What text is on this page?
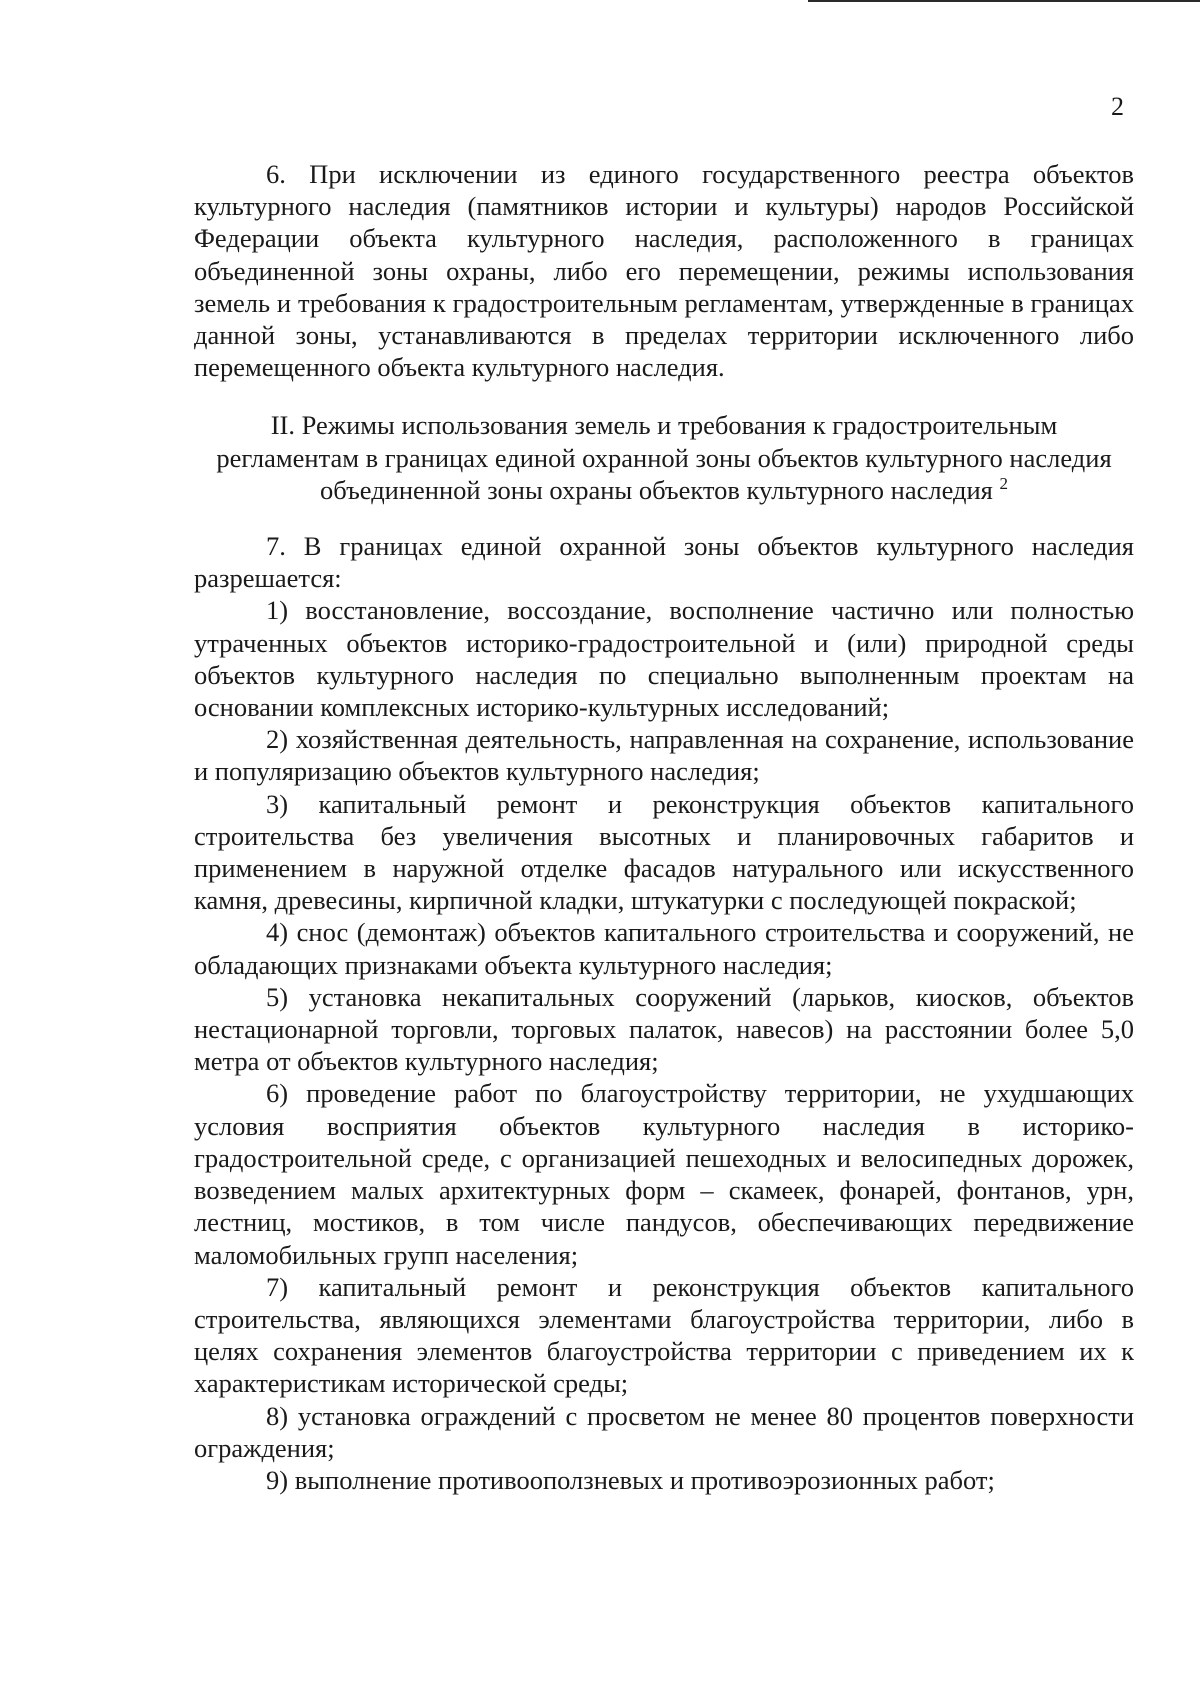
2

6. При исключении из единого государственного реестра объектов культурного наследия (памятников истории и культуры) народов Российской Федерации объекта культурного наследия, расположенного в границах объединенной зоны охраны, либо его перемещении, режимы использования земель и требования к градостроительным регламентам, утвержденные в границах данной зоны, устанавливаются в пределах территории исключенного либо перемещенного объекта культурного наследия.

II. Режимы использования земель и требования к градостроительным регламентам в границах единой охранной зоны объектов культурного наследия объединенной зоны охраны объектов культурного наследия $^2$

7. В границах единой охранной зоны объектов культурного наследия разрешается:

1) восстановление, воссоздание, восполнение частично или полностью утраченных объектов историко-градостроительной и (или) природной среды объектов культурного наследия по специально выполненным проектам на основании комплексных историко-культурных исследований;

2) хозяйственная деятельность, направленная на сохранение, использование и популяризацию объектов культурного наследия;

3) капитальный ремонт и реконструкция объектов капитального строительства без увеличения высотных и планировочных габаритов и применением в наружной отделке фасадов натурального или искусственного камня, древесины, кирпичной кладки, штукатурки с последующей покраской;

4) снос (демонтаж) объектов капитального строительства и сооружений, не обладающих признаками объекта культурного наследия;

5) установка некапитальных сооружений (ларьков, киосков, объектов нестационарной торговли, торговых палаток, навесов) на расстоянии более 5,0 метра от объектов культурного наследия;

6) проведение работ по благоустройству территории, не ухудшающих условия восприятия объектов культурного наследия в историко-градостроительной среде, с организацией пешеходных и велосипедных дорожек, возведением малых архитектурных форм – скамеек, фонарей, фонтанов, урн, лестниц, мостиков, в том числе пандусов, обеспечивающих передвижение маломобильных групп населения;

7) капитальный ремонт и реконструкция объектов капитального строительства, являющихся элементами благоустройства территории, либо в целях сохранения элементов благоустройства территории с приведением их к характеристикам исторической среды;

8) установка ограждений с просветом не менее 80 процентов поверхности ограждения;

9) выполнение противооползневых и противоэрозионных работ;
